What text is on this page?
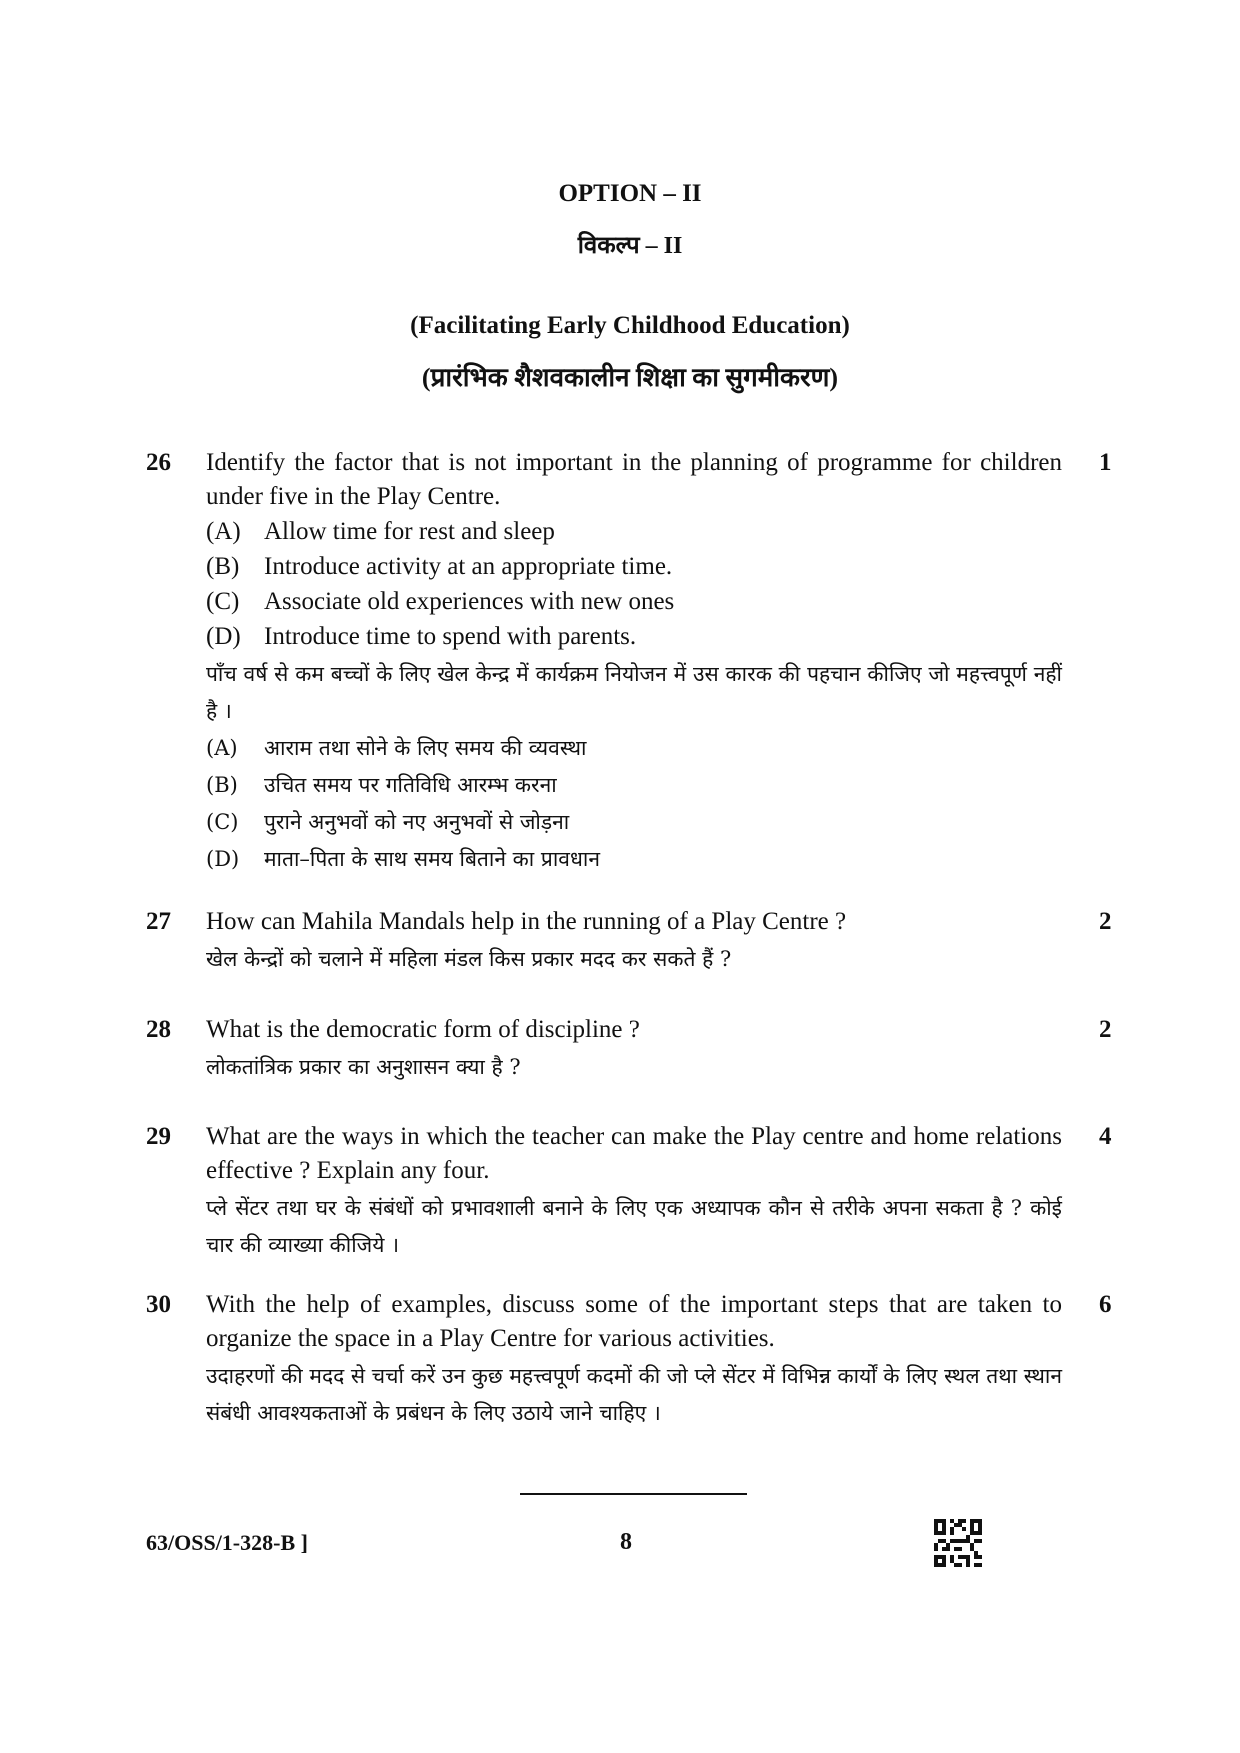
OPTION – II
विकल्प – II
(Facilitating Early Childhood Education)
(प्रारंभिक शैशवकालीन शिक्षा का सुगमीकरण)
26	1
Identify the factor that is not important in the planning of programme for children under five in the Play Centre.
(A) Allow time for rest and sleep
(B) Introduce activity at an appropriate time.
(C) Associate old experiences with new ones
(D) Introduce time to spend with parents.
पाँच वर्ष से कम बच्चों के लिए खेल केन्द्र में कार्यक्रम नियोजन में उस कारक की पहचान कीजिए जो महत्त्वपूर्ण नहीं है ।
(A)	आराम तथा सोने के लिए समय की व्यवस्था
(B)	उचित समय पर गतिविधि आरम्भ करना
(C)	पुराने अनुभवों को नए अनुभवों से जोड़ना
(D)	माता–पिता के साथ समय बिताने का प्रावधान
27	2
How can Mahila Mandals help in the running of a Play Centre ?
खेल केन्द्रों को चलाने में महिला मंडल किस प्रकार मदद कर सकते हैं ?
28	2
What is the democratic form of discipline ?
लोकतांत्रिक प्रकार का अनुशासन क्या है ?
29	4
What are the ways in which the teacher can make the Play centre and home relations effective ? Explain any four.
प्ले सेंटर तथा घर के संबंधों को प्रभावशाली बनाने के लिए एक अध्यापक कौन से तरीके अपना सकता है ? कोई चार की व्याख्या कीजिये ।
30	6
With the help of examples, discuss some of the important steps that are taken to organize the space in a Play Centre for various activities.
उदाहरणों की मदद से चर्चा करें उन कुछ महत्त्वपूर्ण कदमों की जो प्ले सेंटर में विभिन्न कार्यों के लिए स्थल तथा स्थान संबंधी आवश्यकताओं के प्रबंधन के लिए उठाये जाने चाहिए ।
63/OSS/1-328-B ]	8
